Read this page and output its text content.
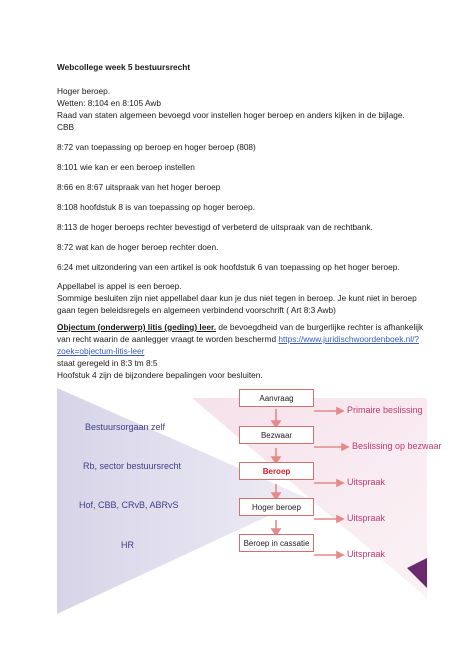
Webcollege week 5 bestuursrecht
Hoger beroep.
Wetten: 8:104 en 8:105 Awb
Raad van staten algemeen bevoegd voor instellen hoger beroep en anders kijken in de bijlage.
CBB
8:72 van toepassing op beroep en hoger beroep (808)
8:101 wie kan er een beroep instellen
8:66 en 8:67 uitspraak van het hoger beroep
8:108 hoofdstuk 8 is van toepassing op hoger beroep.
8:113 de hoger beroeps rechter bevestigd of verbeterd de uitspraak van de rechtbank.
8:72 wat kan de hoger beroep rechter doen.
6:24 met uitzondering van een artikel is ook hoofdstuk 6 van toepassing op het hoger beroep.
Appellabel is appel is een beroep.
Sommige besluiten zijn niet appellabel daar kun je dus niet tegen in beroep. Je kunt niet in beroep
gaan tegen beleidsregels en algemeen verbindend voorschrift ( Art 8:3 Awb)
Objectum (onderwerp) litis (geding) leer. de bevoegdheid van de burgerlijke rechter is afhankelijk
van recht waarin de aanlegger vraagt te worden beschermd https://www.juridischwoordenboek.nl/?
zoek=objectum-litis-leer
staat geregeld in 8:3 tm 8:5
Hoofstuk 4 zijn de bijzondere bepalingen voor besluiten.
Aanvraag
Bezwaar
Beroep
Hoger beroep
Beroep in cassatie
Bestuursorgaan zelf
Rb, sector bestuursrecht
Hof, CBB, CRvB, ABRvS
HR
Primaire beslissing
Beslissing op bezwaar
Uitspraak
Uitspraak
Uitspraak
